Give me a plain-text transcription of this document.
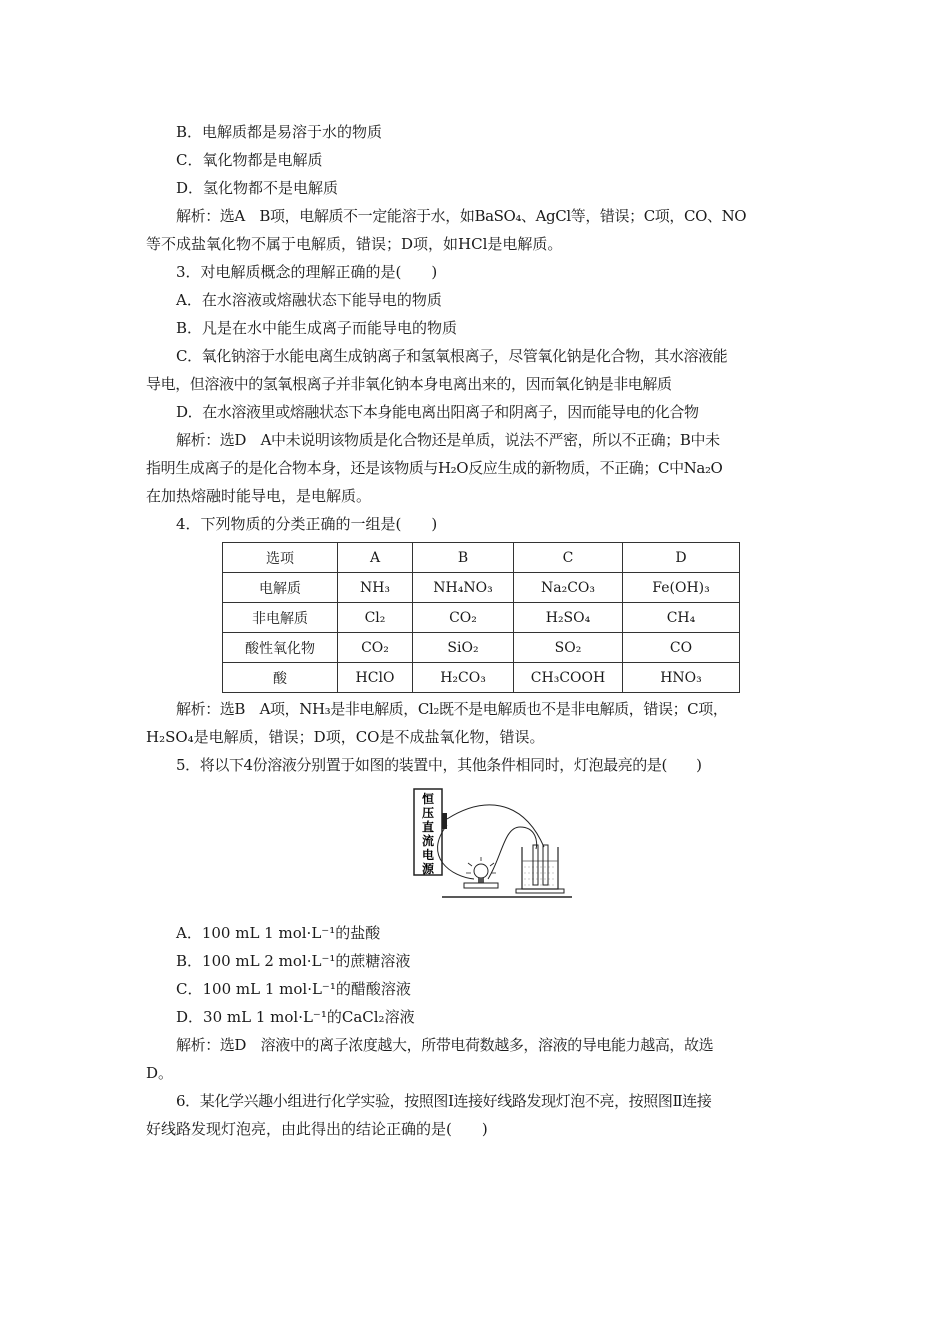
B．电解质都是易溶于水的物质
C．氧化物都是电解质
D．氢化物都不是电解质
解析：选A　B项，电解质不一定能溶于水，如BaSO₄、AgCl等，错误；C项，CO、NO
等不成盐氧化物不属于电解质，错误；D项，如HCl是电解质。
3．对电解质概念的理解正确的是(　　)
A．在水溶液或熔融状态下能导电的物质
B．凡是在水中能生成离子而能导电的物质
C．氧化钠溶于水能电离生成钠离子和氢氧根离子，尽管氧化钠是化合物，其水溶液能
导电，但溶液中的氢氧根离子并非氧化钠本身电离出来的，因而氧化钠是非电解质
D．在水溶液里或熔融状态下本身能电离出阳离子和阴离子，因而能导电的化合物
解析：选D　A中未说明该物质是化合物还是单质，说法不严密，所以不正确；B中未
指明生成离子的是化合物本身，还是该物质与H₂O反应生成的新物质，不正确；C中Na₂O
在加热熔融时能导电，是电解质。
4．下列物质的分类正确的一组是(　　)
选项	A	B	C	D
电解质	NH₃	NH₄NO₃	Na₂CO₃	Fe(OH)₃
非电解质	Cl₂	CO₂	H₂SO₄	CH₄
酸性氧化物	CO₂	SiO₂	SO₂	CO
酸	HClO	H₂CO₃	CH₃COOH	HNO₃
解析：选B　A项，NH₃是非电解质，Cl₂既不是电解质也不是非电解质，错误；C项，
H₂SO₄是电解质，错误；D项，CO是不成盐氧化物，错误。
5．将以下4份溶液分别置于如图的装置中，其他条件相同时，灯泡最亮的是(　　)
恒
压
直
流
电
源
A．100 mL 1 mol·L⁻¹的盐酸
B．100 mL 2 mol·L⁻¹的蔗糖溶液
C．100 mL 1 mol·L⁻¹的醋酸溶液
D．30 mL 1 mol·L⁻¹的CaCl₂溶液
解析：选D　溶液中的离子浓度越大，所带电荷数越多，溶液的导电能力越高，故选
D。
6．某化学兴趣小组进行化学实验，按照图Ⅰ连接好线路发现灯泡不亮，按照图Ⅱ连接
好线路发现灯泡亮，由此得出的结论正确的是(　　)
